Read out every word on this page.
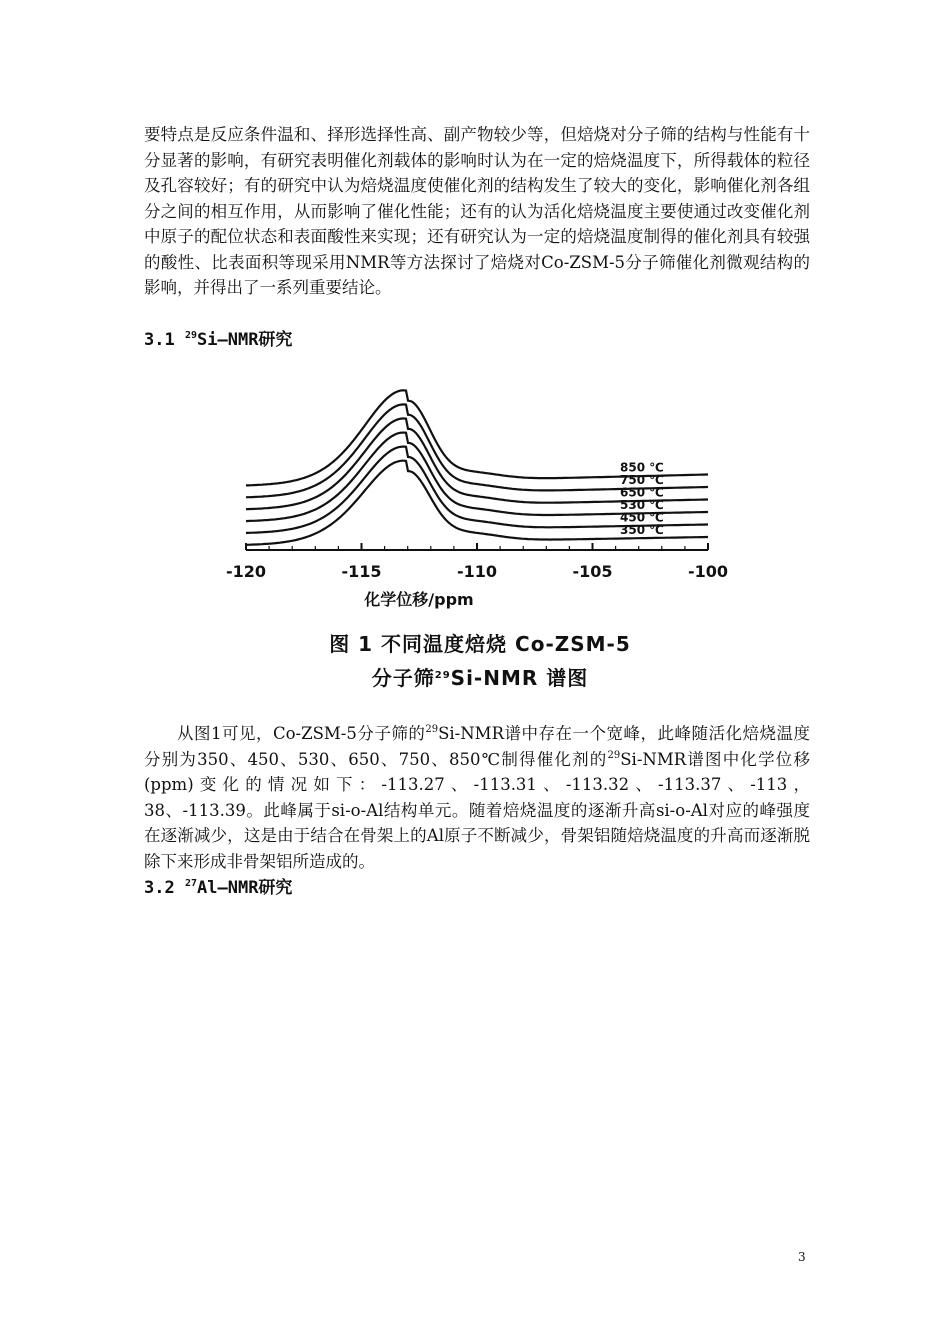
要特点是反应条件温和、择形选择性高、副产物较少等，但焙烧对分子筛的结构与性能有十分显著的影响，有研究表明催化剂载体的影响时认为在一定的焙烧温度下，所得载体的粒径及孔容较好；有的研究中认为焙烧温度使催化剂的结构发生了较大的变化，影响催化剂各组分之间的相互作用，从而影响了催化性能；还有的认为活化焙烧温度主要使通过改变催化剂中原子的配位状态和表面酸性来实现；还有研究认为一定的焙烧温度制得的催化剂具有较强的酸性、比表面积等现采用NMR等方法探讨了焙烧对Co-ZSM-5分子筛催化剂微观结构的影响，并得出了一系列重要结论。

3.1 $^{29}$Si—NMR研究
-120	-115	-110	-105	-100
化学位移/ppm
850 ℃
750 ℃
650 ℃
530 ℃
450 ℃
350 ℃

图 1 不同温度焙烧 Co-ZSM-5

分子筛$^{29}$Si-NMR 谱图

从图1可见，Co-ZSM-5分子筛的$^{29}$Si-NMR谱中存在一个宽峰，此峰随活化焙烧温度分别为350、450、530、650、750、850℃制得催化剂的$^{29}$Si-NMR谱图中化学位移(ppm)变化的情况如下：-113.27、-113.31、-113.32、-113.37、-113，38、-113.39。此峰属于si-o-Al结构单元。随着焙烧温度的逐渐升高si-o-Al对应的峰强度在逐渐减少，这是由于结合在骨架上的Al原子不断减少，骨架铝随焙烧温度的升高而逐渐脱除下来形成非骨架铝所造成的。

3.2 $^{27}$Al—NMR研究
3
